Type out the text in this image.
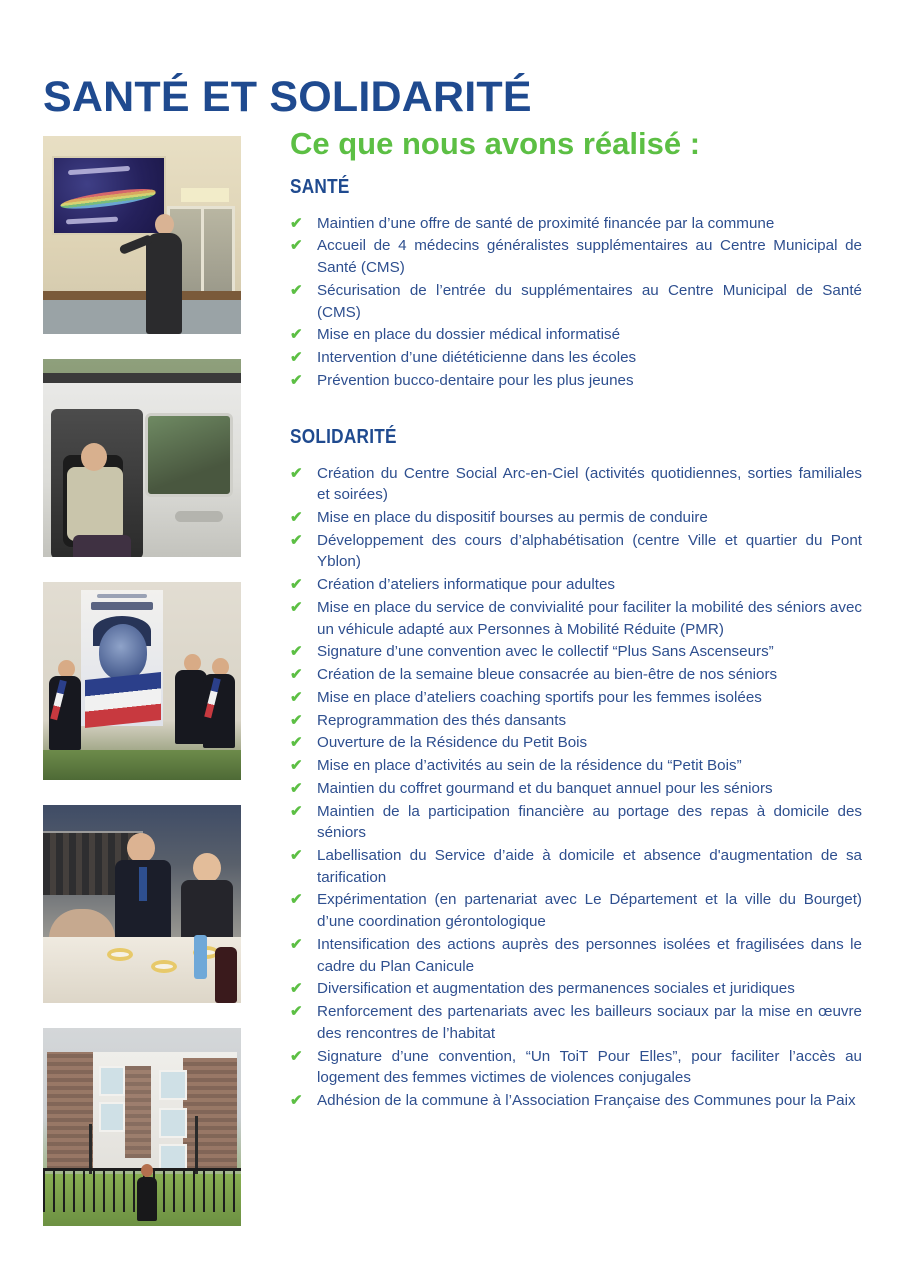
SANTÉ ET SOLIDARITÉ
Ce que nous avons réalisé :
SANTÉ
✔ Maintien d’une offre de santé de proximité financée par la commune
✔ Accueil de 4 médecins généralistes supplémentaires au Centre Municipal de Santé (CMS)
✔ Sécurisation de l’entrée du supplémentaires au Centre Municipal de Santé (CMS)
✔ Mise en place du dossier médical informatisé
✔ Intervention d’une diététicienne dans les écoles
✔ Prévention bucco-dentaire pour les plus jeunes
SOLIDARITÉ
✔ Création du Centre Social Arc-en-Ciel (activités quotidiennes, sorties familiales et soirées)
✔ Mise en place du dispositif bourses au permis de conduire
✔ Développement des cours d’alphabétisation (centre Ville et quartier du Pont Yblon)
✔ Création d’ateliers informatique pour adultes
✔ Mise en place du service de convivialité pour faciliter la mobilité des séniors avec un véhicule adapté aux Personnes à Mobilité Réduite (PMR)
✔ Signature d’une convention avec le collectif “Plus Sans Ascenseurs”
✔ Création de la semaine bleue consacrée au bien-être de nos séniors
✔ Mise en place d’ateliers coaching sportifs pour les femmes isolées
✔ Reprogrammation des thés dansants
✔ Ouverture de la Résidence du Petit Bois
✔ Mise en place d’activités au sein de la résidence du “Petit Bois”
✔ Maintien du coffret gourmand et du banquet annuel pour les séniors
✔ Maintien de la participation financière au portage des repas à domicile des séniors
✔ Labellisation du Service d’aide à domicile et absence d'augmentation de sa tarification
✔ Expérimentation (en partenariat avec Le Département et la ville du Bourget) d’une coordination gérontologique
✔ Intensification des actions auprès des personnes isolées et fragilisées dans le cadre du Plan Canicule
✔ Diversification et augmentation des permanences sociales et juridiques
✔ Renforcement des partenariats avec les bailleurs sociaux par la mise en œuvre des rencontres de l’habitat
✔ Signature d’une convention, “Un ToiT Pour Elles”, pour faciliter l’accès au logement des femmes victimes de violences conjugales
✔ Adhésion de la commune à l’Association Française des Communes pour la Paix
